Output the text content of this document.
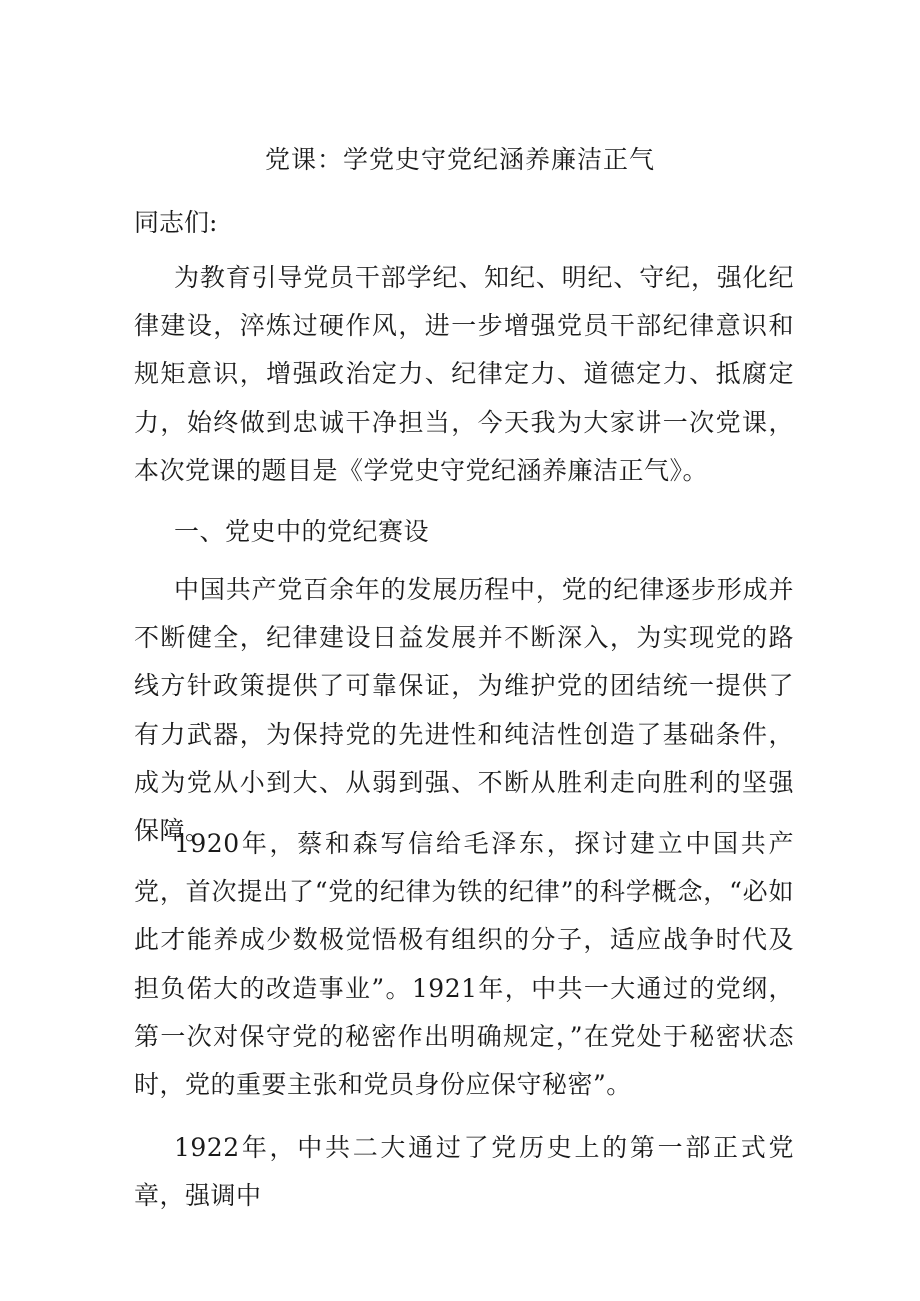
党课：学党史守党纪涵养廉洁正气

同志们:

为教育引导党员干部学纪、知纪、明纪、守纪，强化纪律建设，淬炼过硬作风，进一步增强党员干部纪律意识和规矩意识，增强政治定力、纪律定力、道德定力、抵腐定力，始终做到忠诚干净担当，今天我为大家讲一次党课，本次党课的题目是《学党史守党纪涵养廉洁正气》。

一、党史中的党纪赛设

中国共产党百余年的发展历程中，党的纪律逐步形成并不断健全，纪律建设日益发展并不断深入，为实现党的路线方针政策提供了可靠保证，为维护党的团结统一提供了有力武器，为保持党的先进性和纯洁性创造了基础条件，成为党从小到大、从弱到强、不断从胜利走向胜利的坚强保障。

1920年，蔡和森写信给毛泽东，探讨建立中国共产党，首次提出了“党的纪律为铁的纪律”的科学概念，“必如此才能养成少数极觉悟极有组织的分子，适应战争时代及担负偌大的改造事业”。1921年，中共一大通过的党纲，第一次对保守党的秘密作出明确规定，”在党处于秘密状态时，党的重要主张和党员身份应保守秘密”。

1922年，中共二大通过了党历史上的第一部正式党章，强调中
